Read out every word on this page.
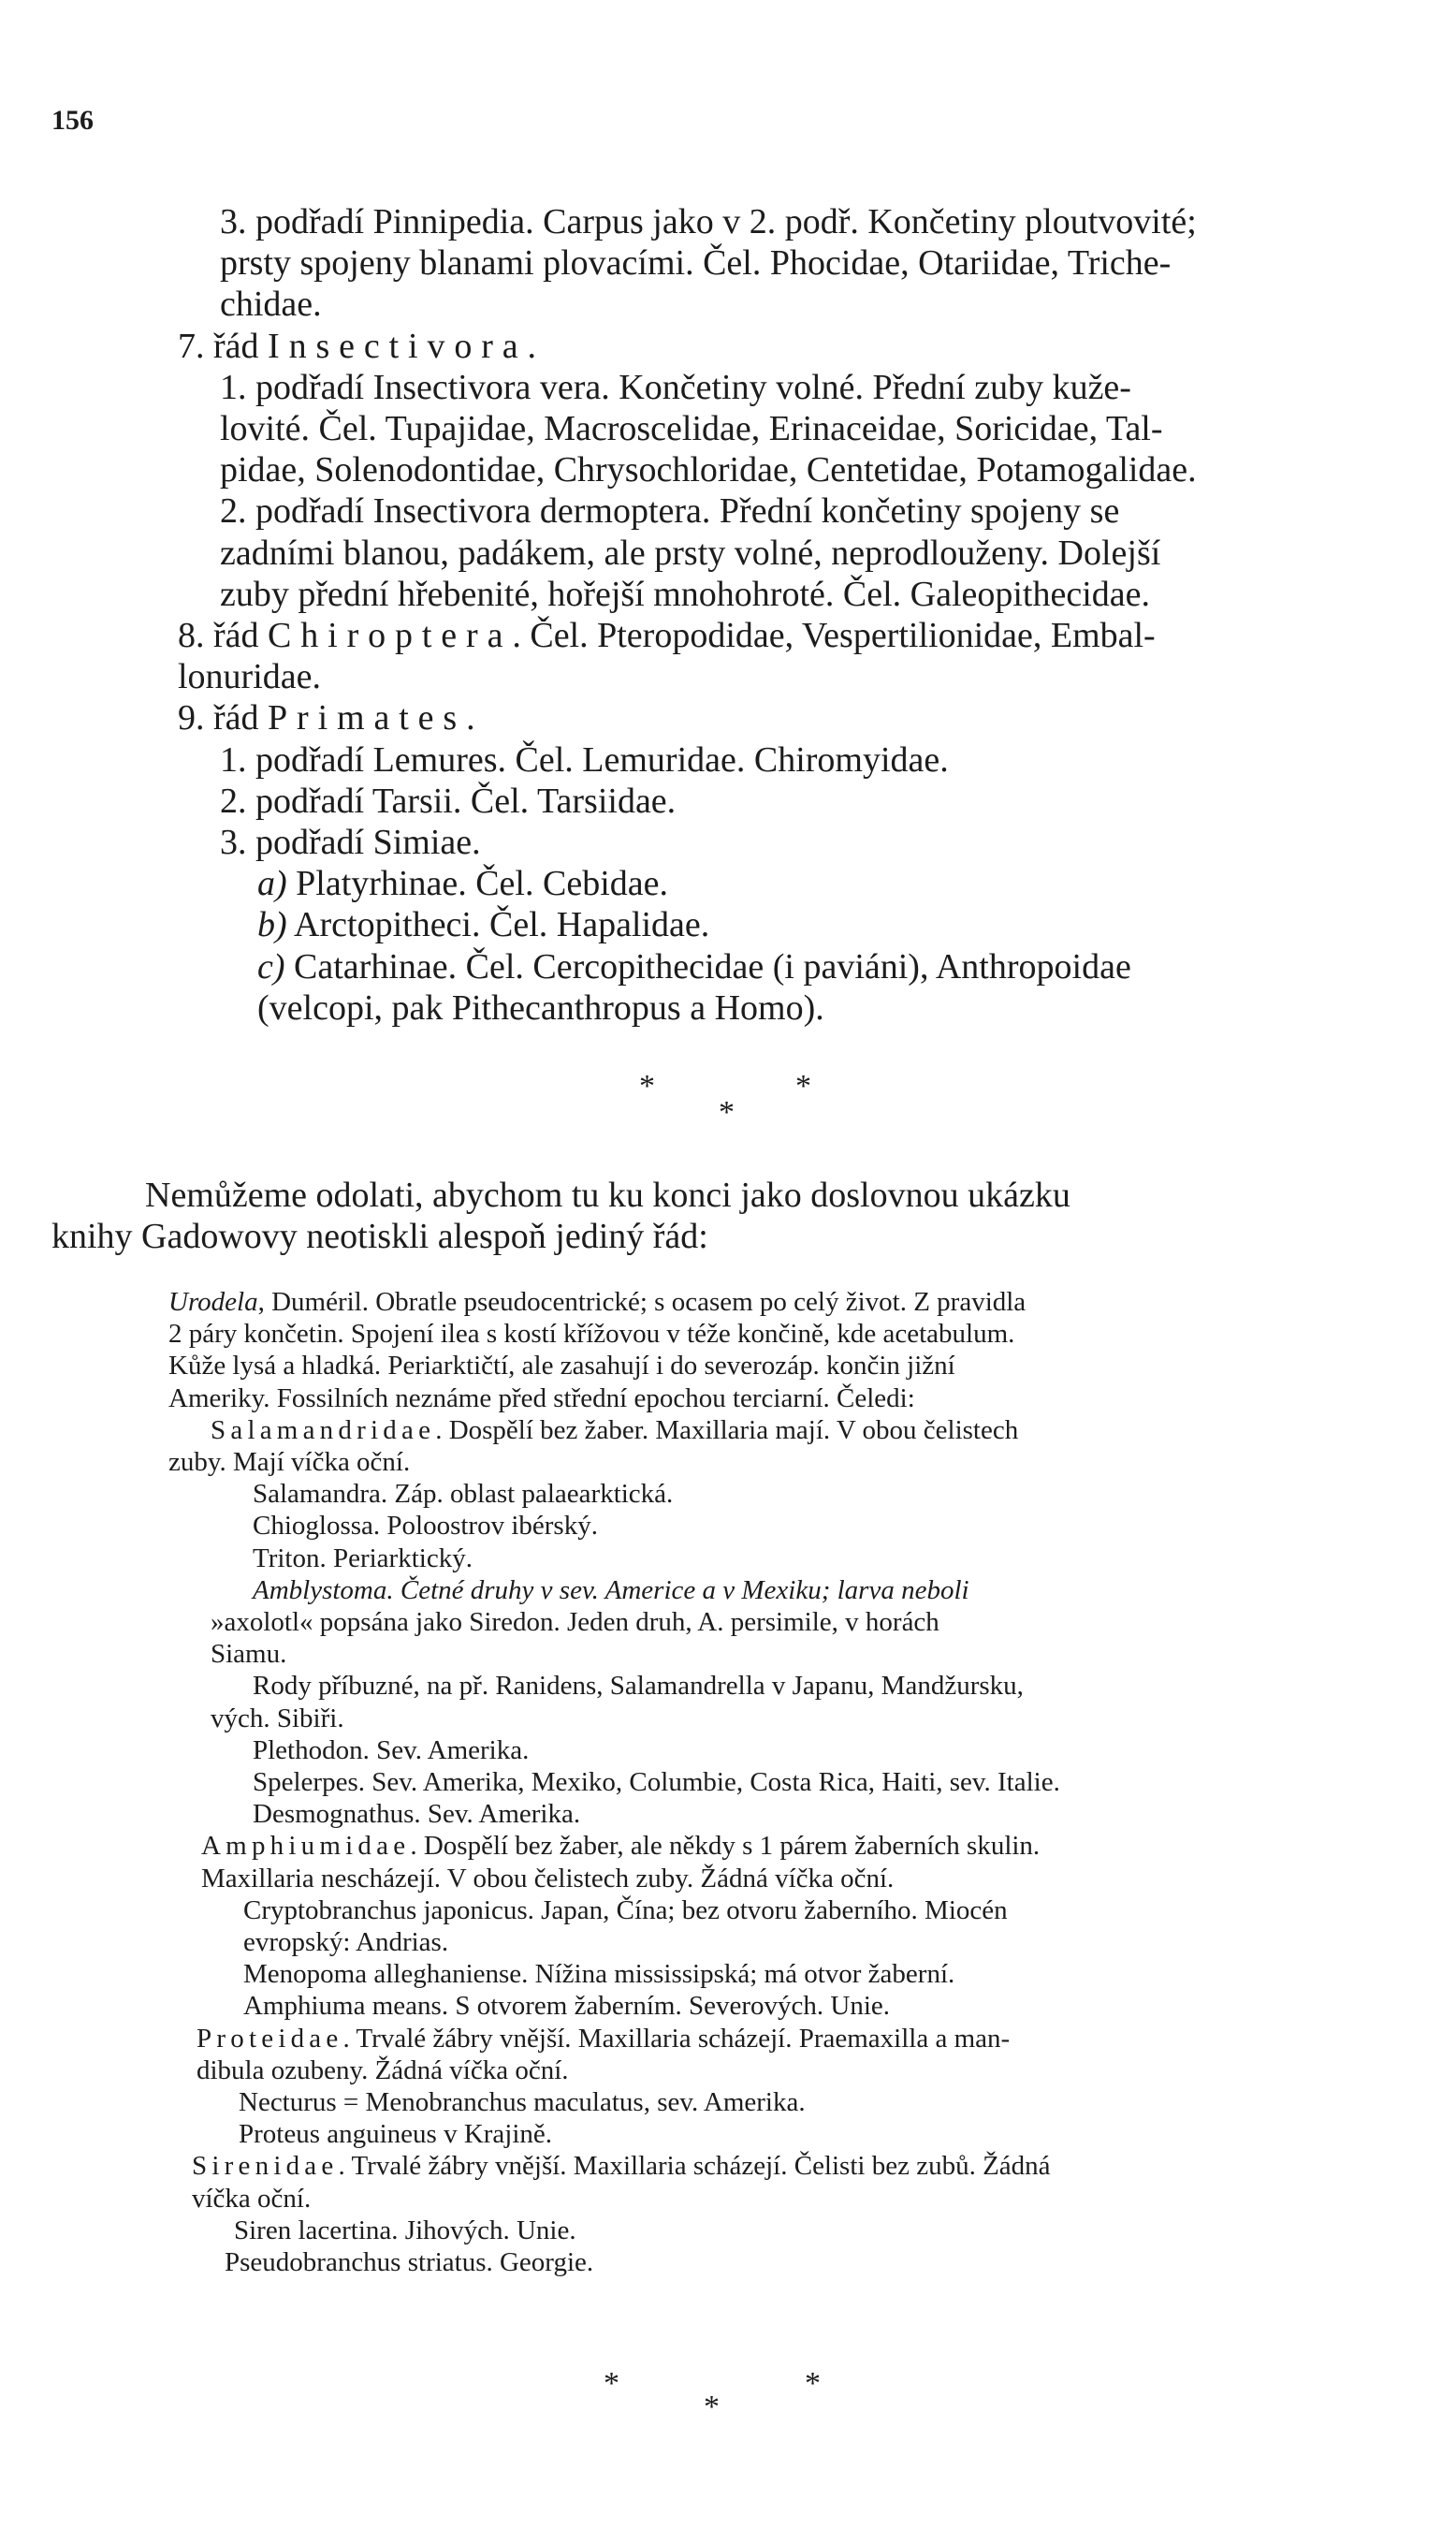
156
3. podřadí Pinnipedia. Carpus jako v 2. podř. Končetiny ploutvovité;
prsty spojeny blanami plovacími. Čel. Phocidae, Otariidae, Triche-
chidae.
7. řád Insectivora.
1. podřadí Insectivora vera. Končetiny volné. Přední zuby kuže-
lovité. Čel. Tupajidae, Macroscelidae, Erinaceidae, Soricidae, Tal-
pidae, Solenodontidae, Chrysochloridae, Centetidae, Potamogalidae.
2. podřadí Insectivora dermoptera. Přední končetiny spojeny se
zadními blanou, padákem, ale prsty volné, neprodlouženy. Dolejší
zuby přední hřebenité, hořejší mnohohroté. Čel. Galeopithecidae.
8. řád Chiroptera. Čel. Pteropodidae, Vespertilionidae, Embal-
lonuridae.
9. řád Primates.
1. podřadí Lemures. Čel. Lemuridae. Chiromyidae.
2. podřadí Tarsii. Čel. Tarsiidae.
3. podřadí Simiae.
a) Platyrhinae. Čel. Cebidae.
b) Arctopitheci. Čel. Hapalidae.
c) Catarhinae. Čel. Cercopithecidae (i paviáni), Anthropoidae
(velcopi, pak Pithecanthropus a Homo).
*	*
*
Nemůžeme odolati, abychom tu ku konci jako doslovnou ukázku
knihy Gadowovy neotiskli alespoň jediný řád:
Urodela, Duméril. Obratle pseudocentrické; s ocasem po celý život. Z pravidla
2 páry končetin. Spojení ilea s kostí křížovou v téže končině, kde acetabulum.
Kůže lysá a hladká. Periarktičtí, ale zasahují i do severozáp. končin jižní
Ameriky. Fossilních neznáme před střední epochou terciarní. Čeledi:
Salamandridae. Dospělí bez žaber. Maxillaria mají. V obou čelistech
zuby. Mají víčka oční.
Salamandra. Záp. oblast palaearktická.
Chioglossa. Poloostrov ibérský.
Triton. Periarktický.
Amblystoma. Četné druhy v sev. Americe a v Mexiku; larva neboli
»axolotl« popsána jako Siredon. Jeden druh, A. persimile, v horách
Siamu.
Rody příbuzné, na př. Ranidens, Salamandrella v Japanu, Mandžursku,
vých. Sibiři.
Plethodon. Sev. Amerika.
Spelerpes. Sev. Amerika, Mexiko, Columbie, Costa Rica, Haiti, sev. Italie.
Desmognathus. Sev. Amerika.
Amphiumidae. Dospělí bez žaber, ale někdy s 1 párem žaberních skulin.
Maxillaria nescházejí. V obou čelistech zuby. Žádná víčka oční.
Cryptobranchus japonicus. Japan, Čína; bez otvoru žaberního. Miocén
evropský: Andrias.
Menopoma alleghaniense. Nížina mississipská; má otvor žaberní.
Amphiuma means. S otvorem žaberním. Severových. Unie.
Proteidae. Trvalé žábry vnější. Maxillaria scházejí. Praemaxilla a man-
dibula ozubeny. Žádná víčka oční.
Necturus = Menobranchus maculatus, sev. Amerika.
Proteus anguineus v Krajině.
Sirenidae. Trvalé žábry vnější. Maxillaria scházejí. Čelisti bez zubů. Žádná
víčka oční.
Siren lacertina. Jihových. Unie.
Pseudobranchus striatus. Georgie.
*	*
*
